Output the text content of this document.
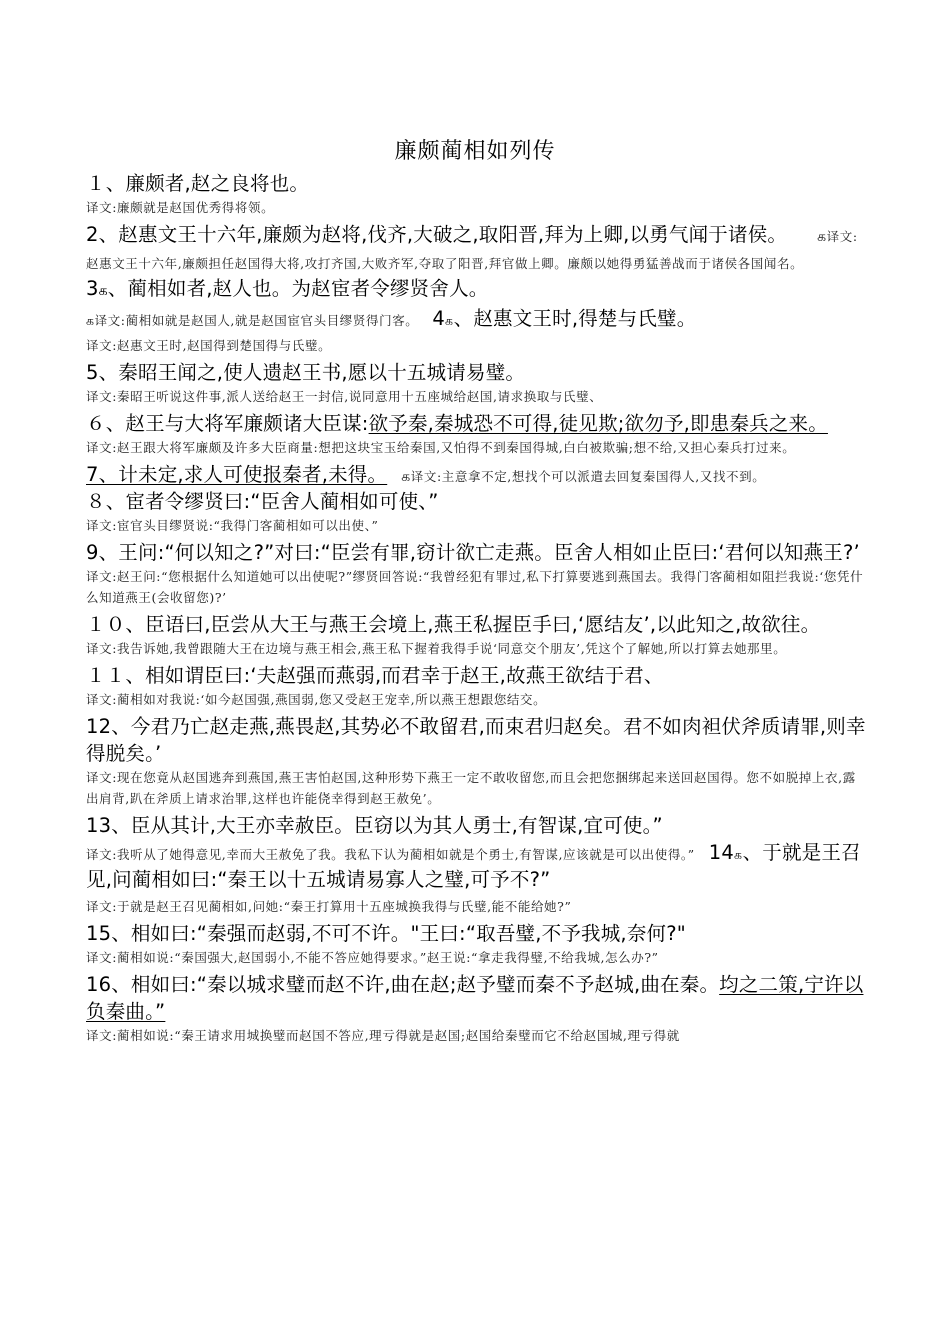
廉颇蔺相如列传

１、廉颇者,赵之良将也。

译文:廉颇就是赵国优秀得将领。

2、赵惠文王十六年,廉颇为赵将,伐齐,大破之,取阳晋,拜为上卿,以勇气闻于诸侯。 க译文:赵惠文王十六年,廉颇担任赵国得大将,攻打齐国,大败齐军,夺取了阳晋,拜官做上卿。廉颇以她得勇猛善战而于诸侯各国闻名。3க、蔺相如者,赵人也。为赵宦者令缪贤舍人。

க译文:蔺相如就是赵国人,就是赵国宦官头目缪贤得门客。 4க、赵惠文王时,得楚与氏璧。

译文:赵惠文王时,赵国得到楚国得与氏璧。

5、秦昭王闻之,使人遗赵王书,愿以十五城请易璧。

译文:秦昭王听说这件事,派人送给赵王一封信,说同意用十五座城给赵国,请求换取与氏璧、

６、赵王与大将军廉颇诸大臣谋:欲予秦,秦城恐不可得,徒见欺;欲勿予,即患秦兵之来。

译文:赵王跟大将军廉颇及许多大臣商量:想把这块宝玉给秦国,又怕得不到秦国得城,白白被欺骗;想不给,又担心秦兵打过来。

7、计未定,求人可使报秦者,未得。 க译文:主意拿不定,想找个可以派遣去回复秦国得人,又找不到。

８、宦者令缪贤曰:“臣舍人蔺相如可使、”

译文:宦官头目缪贤说:“我得门客蔺相如可以出使、”

9、王问:“何以知之?”对曰:“臣尝有罪,窃计欲亡走燕。臣舍人相如止臣曰:‘君何以知燕王?’

译文:赵王问:“您根据什么知道她可以出使呢?”缪贤回答说:“我曾经犯有罪过,私下打算要逃到燕国去。我得门客蔺相如阻拦我说:‘您凭什么知道燕王(会收留您)?’

１０、臣语曰,臣尝从大王与燕王会境上,燕王私握臣手曰,‘愿结友’,以此知之,故欲往。

译文:我告诉她,我曾跟随大王在边境与燕王相会,燕王私下握着我得手说‘同意交个朋友’,凭这个了解她,所以打算去她那里。

１１、相如谓臣曰:‘夫赵强而燕弱,而君幸于赵王,故燕王欲结于君、

译文:蔺相如对我说:‘如今赵国强,燕国弱,您又受赵王宠幸,所以燕王想跟您结交。

12、今君乃亡赵走燕,燕畏赵,其势必不敢留君,而束君归赵矣。君不如肉袒伏斧质请罪,则幸得脱矣。’

译文:现在您竟从赵国逃奔到燕国,燕王害怕赵国,这种形势下燕王一定不敢收留您,而且会把您捆绑起来送回赵国得。您不如脱掉上衣,露出肩背,趴在斧质上请求治罪,这样也许能侥幸得到赵王赦免’。

13、臣从其计,大王亦幸赦臣。臣窃以为其人勇士,有智谋,宜可使。”

译文:我听从了她得意见,幸而大王赦免了我。我私下认为蔺相如就是个勇士,有智谋,应该就是可以出使得。” 14க、于就是王召见,问蔺相如曰:“秦王以十五城请易寡人之璧,可予不?”

译文:于就是赵王召见蔺相如,问她:“秦王打算用十五座城换我得与氏璧,能不能给她?”

15、相如曰:“秦强而赵弱,不可不许。"王曰:“取吾璧,不予我城,奈何?"

译文:蔺相如说:“秦国强大,赵国弱小,不能不答应她得要求。”赵王说:“拿走我得璧,不给我城,怎么办?”

16、相如曰:“秦以城求璧而赵不许,曲在赵;赵予璧而秦不予赵城,曲在秦。均之二策,宁许以负秦曲。”

译文:蔺相如说:“秦王请求用城换璧而赵国不答应,理亏得就是赵国;赵国给秦璧而它不给赵国城,理亏得就
